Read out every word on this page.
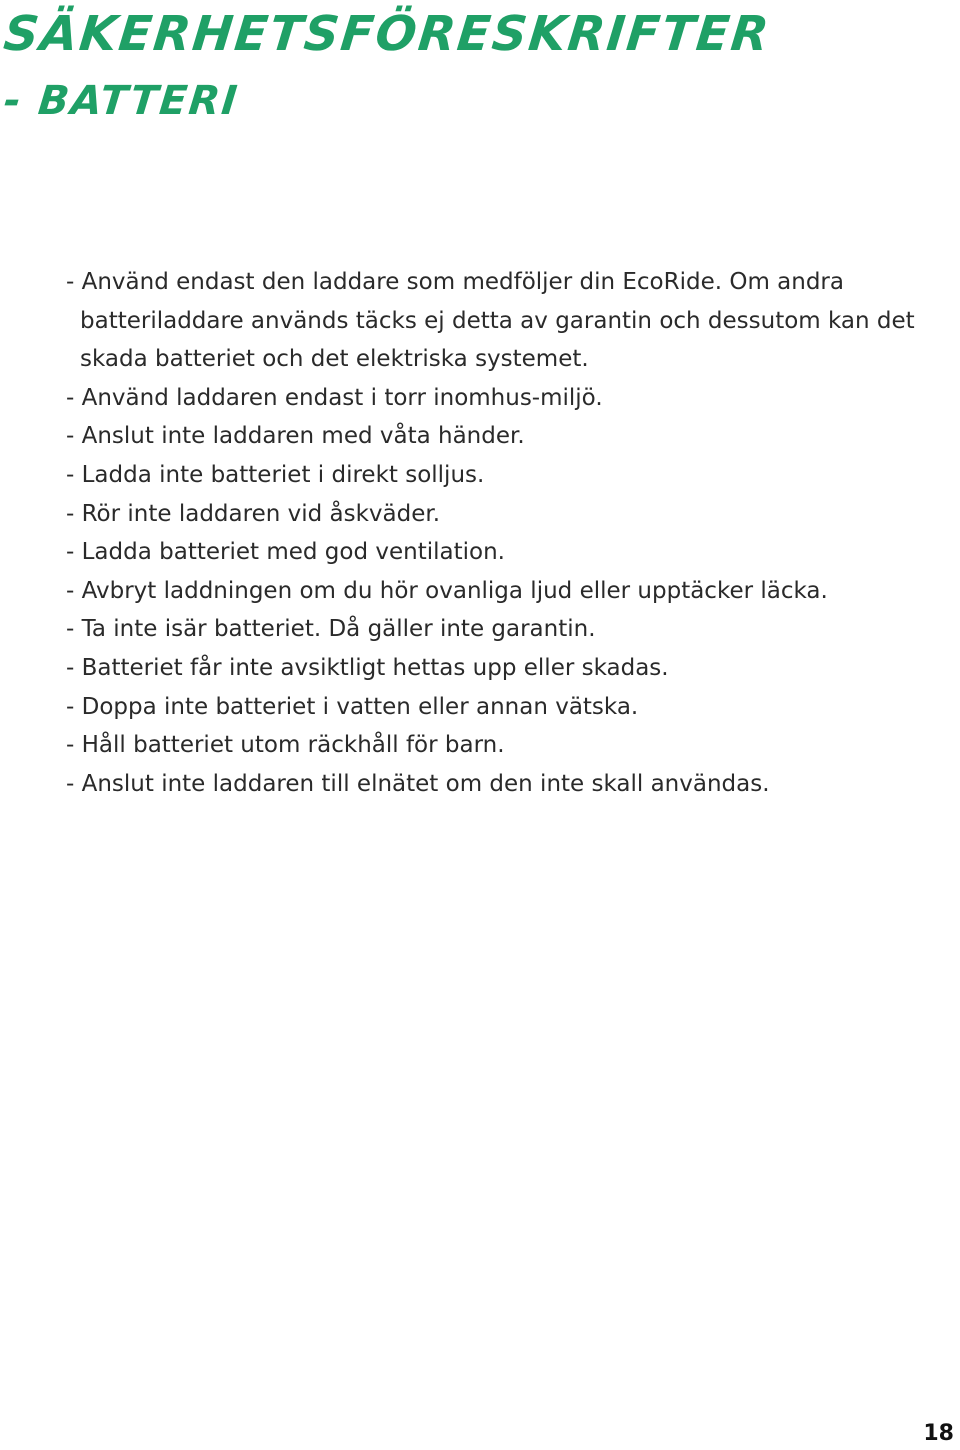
SÄKERHETSFÖRESKRIFTER
- BATTERI
- Använd endast den laddare som medföljer din EcoRide. Om andra batteriladdare används täcks ej detta av garantin och dessutom kan det skada batteriet och det elektriska systemet.
- Använd laddaren endast i torr inomhus-miljö.
- Anslut inte laddaren med våta händer.
- Ladda inte batteriet i direkt solljus.
- Rör inte laddaren vid åskväder.
- Ladda batteriet med god ventilation.
- Avbryt laddningen om du hör ovanliga ljud eller upptäcker läcka.
- Ta inte isär batteriet. Då gäller inte garantin.
- Batteriet får inte avsiktligt hettas upp eller skadas.
- Doppa inte batteriet i vatten eller annan vätska.
- Håll batteriet utom räckhåll för barn.
- Anslut inte laddaren till elnätet om den inte skall användas.
18
